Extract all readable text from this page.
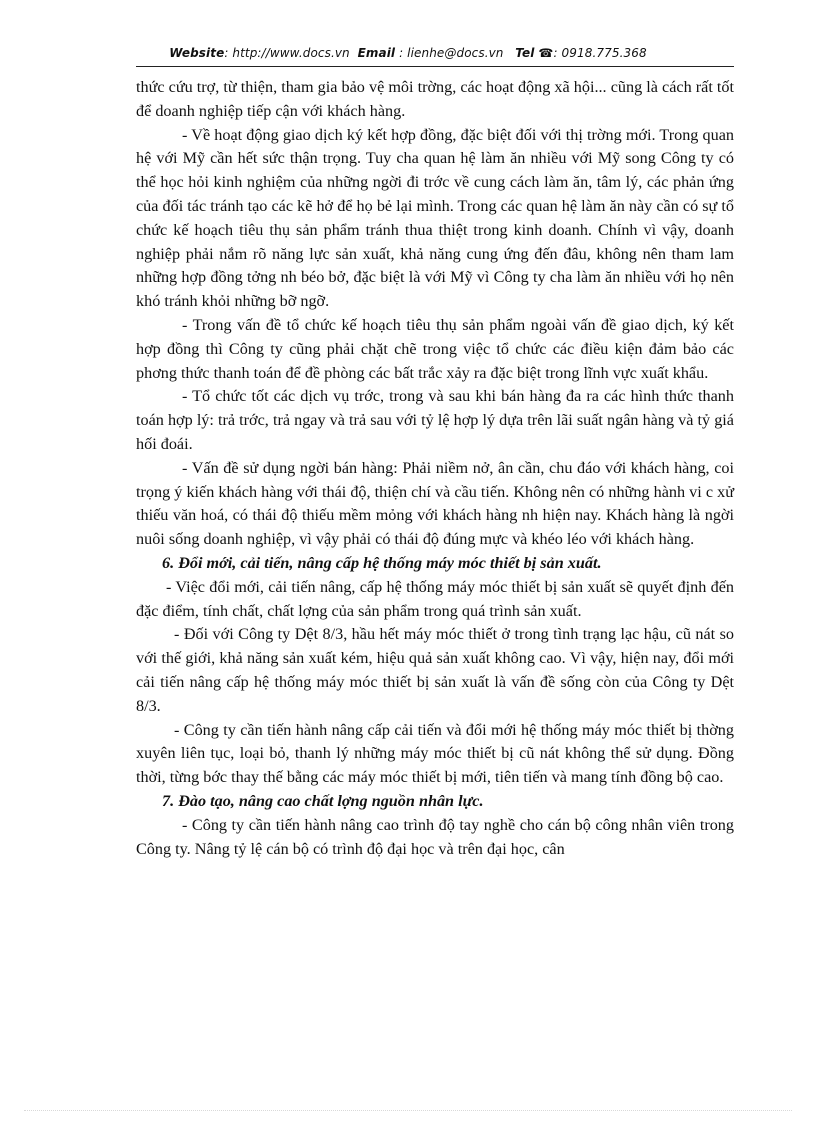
Website: http://www.docs.vn Email : lienhe@docs.vn Tel ☎: 0918.775.368

thức cứu trợ, từ thiện, tham gia bảo vệ môi trờng, các hoạt động xã hội... cũng là cách rất tốt để doanh nghiệp tiếp cận với khách hàng.

- Về hoạt động giao dịch ký kết hợp đồng, đặc biệt đối với thị trờng mới. Trong quan hệ với Mỹ cần hết sức thận trọng. Tuy cha quan hệ làm ăn nhiều với Mỹ song Công ty có thể học hỏi kinh nghiệm của những ngời đi trớc về cung cách làm ăn, tâm lý, các phản ứng của đối tác tránh tạo các kẽ hở để họ bẻ lại mình. Trong các quan hệ làm ăn này cần có sự tổ chức kế hoạch tiêu thụ sản phẩm tránh thua thiệt trong kinh doanh. Chính vì vậy, doanh nghiệp phải nắm rõ năng lực sản xuất, khả năng cung ứng đến đâu, không nên tham lam những hợp đồng tởng nh béo bở, đặc biệt là với Mỹ vì Công ty cha làm ăn nhiều với họ nên khó tránh khỏi những bỡ ngỡ.

- Trong vấn đề tổ chức kế hoạch tiêu thụ sản phẩm ngoài vấn đề giao dịch, ký kết hợp đồng thì Công ty cũng phải chặt chẽ trong việc tổ chức các điều kiện đảm bảo các phơng thức thanh toán để đề phòng các bất trắc xảy ra đặc biệt trong lĩnh vực xuất khẩu.

- Tổ chức tốt các dịch vụ trớc, trong và sau khi bán hàng đa ra các hình thức thanh toán hợp lý: trả trớc, trả ngay và trả sau với tỷ lệ hợp lý dựa trên lãi suất ngân hàng và tỷ giá hối đoái.

- Vấn đề sử dụng ngời bán hàng: Phải niềm nở, ân cần, chu đáo với khách hàng, coi trọng ý kiến khách hàng với thái độ, thiện chí và cầu tiến. Không nên có những hành vi c xử thiếu văn hoá, có thái độ thiếu mềm mỏng với khách hàng nh hiện nay. Khách hàng là ngời nuôi sống doanh nghiệp, vì vậy phải có thái độ đúng mực và khéo léo với khách hàng.

6. Đổi mới, cải tiến, nâng cấp hệ thống máy móc thiết bị sản xuất.

- Việc đổi mới, cải tiến nâng, cấp hệ thống máy móc thiết bị sản xuất sẽ quyết định đến đặc điểm, tính chất, chất lợng của sản phẩm trong quá trình sản xuất.

- Đối với Công ty Dệt 8/3, hầu hết máy móc thiết ở trong tình trạng lạc hậu, cũ nát so với thế giới, khả năng sản xuất kém, hiệu quả sản xuất không cao. Vì vậy, hiện nay, đổi mới cải tiến nâng cấp hệ thống máy móc thiết bị sản xuất là vấn đề sống còn của Công ty Dệt 8/3.

- Công ty cần tiến hành nâng cấp cải tiến và đổi mới hệ thống máy móc thiết bị thờng xuyên liên tục, loại bỏ, thanh lý những máy móc thiết bị cũ nát không thể sử dụng. Đồng thời, từng bớc thay thế bằng các máy móc thiết bị mới, tiên tiến và mang tính đồng bộ cao.

7. Đào tạo, nâng cao chất lợng nguồn nhân lực.

- Công ty cần tiến hành nâng cao trình độ tay nghề cho cán bộ công nhân viên trong Công ty. Nâng tỷ lệ cán bộ có trình độ đại học và trên đại học, cân
